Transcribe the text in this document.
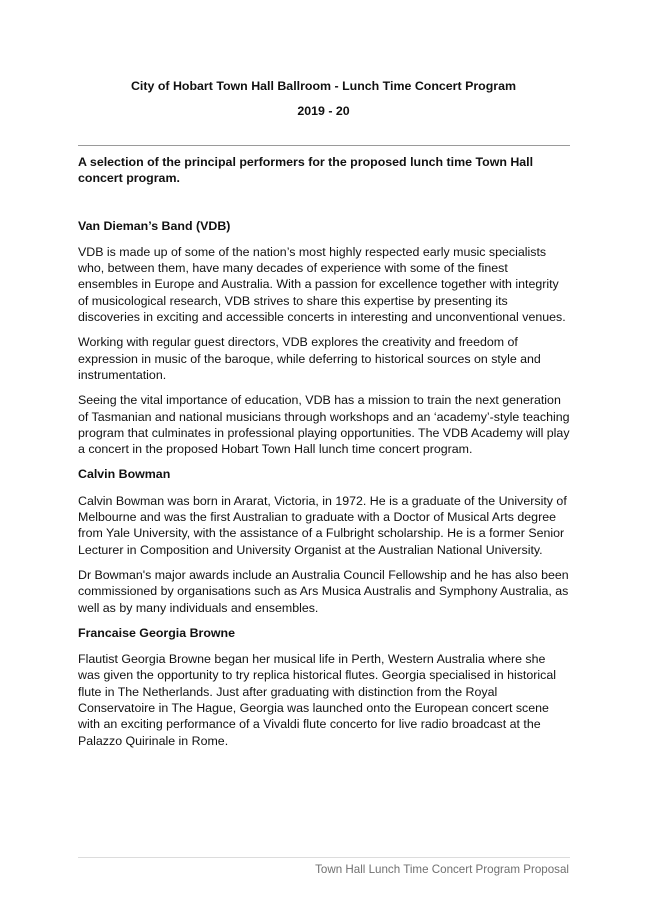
City of Hobart Town Hall Ballroom - Lunch Time Concert Program
2019 - 20

A selection of the principal performers for the proposed lunch time Town Hall concert program.

Van Dieman’s Band (VDB)

VDB is made up of some of the nation’s most highly respected early music specialists who, between them, have many decades of experience with some of the finest ensembles in Europe and Australia. With a passion for excellence together with integrity of musicological research, VDB strives to share this expertise by presenting its discoveries in exciting and accessible concerts in interesting and unconventional venues.

Working with regular guest directors, VDB explores the creativity and freedom of expression in music of the baroque, while deferring to historical sources on style and instrumentation.

Seeing the vital importance of education, VDB has a mission to train the next generation of Tasmanian and national musicians through workshops and an ‘academy’-style teaching program that culminates in professional playing opportunities. The VDB Academy will play a concert in the proposed Hobart Town Hall lunch time concert program.

Calvin Bowman

Calvin Bowman was born in Ararat, Victoria, in 1972. He is a graduate of the University of Melbourne and was the first Australian to graduate with a Doctor of Musical Arts degree from Yale University, with the assistance of a Fulbright scholarship. He is a former Senior Lecturer in Composition and University Organist at the Australian National University.

Dr Bowman's major awards include an Australia Council Fellowship and he has also been commissioned by organisations such as Ars Musica Australis and Symphony Australia, as well as by many individuals and ensembles.

Francaise Georgia Browne

Flautist Georgia Browne began her musical life in Perth, Western Australia where she was given the opportunity to try replica historical flutes. Georgia specialised in historical flute in The Netherlands. Just after graduating with distinction from the Royal Conservatoire in The Hague, Georgia was launched onto the European concert scene with an exciting performance of a Vivaldi flute concerto for live radio broadcast at the Palazzo Quirinale in Rome.

Town Hall Lunch Time Concert Program Proposal
